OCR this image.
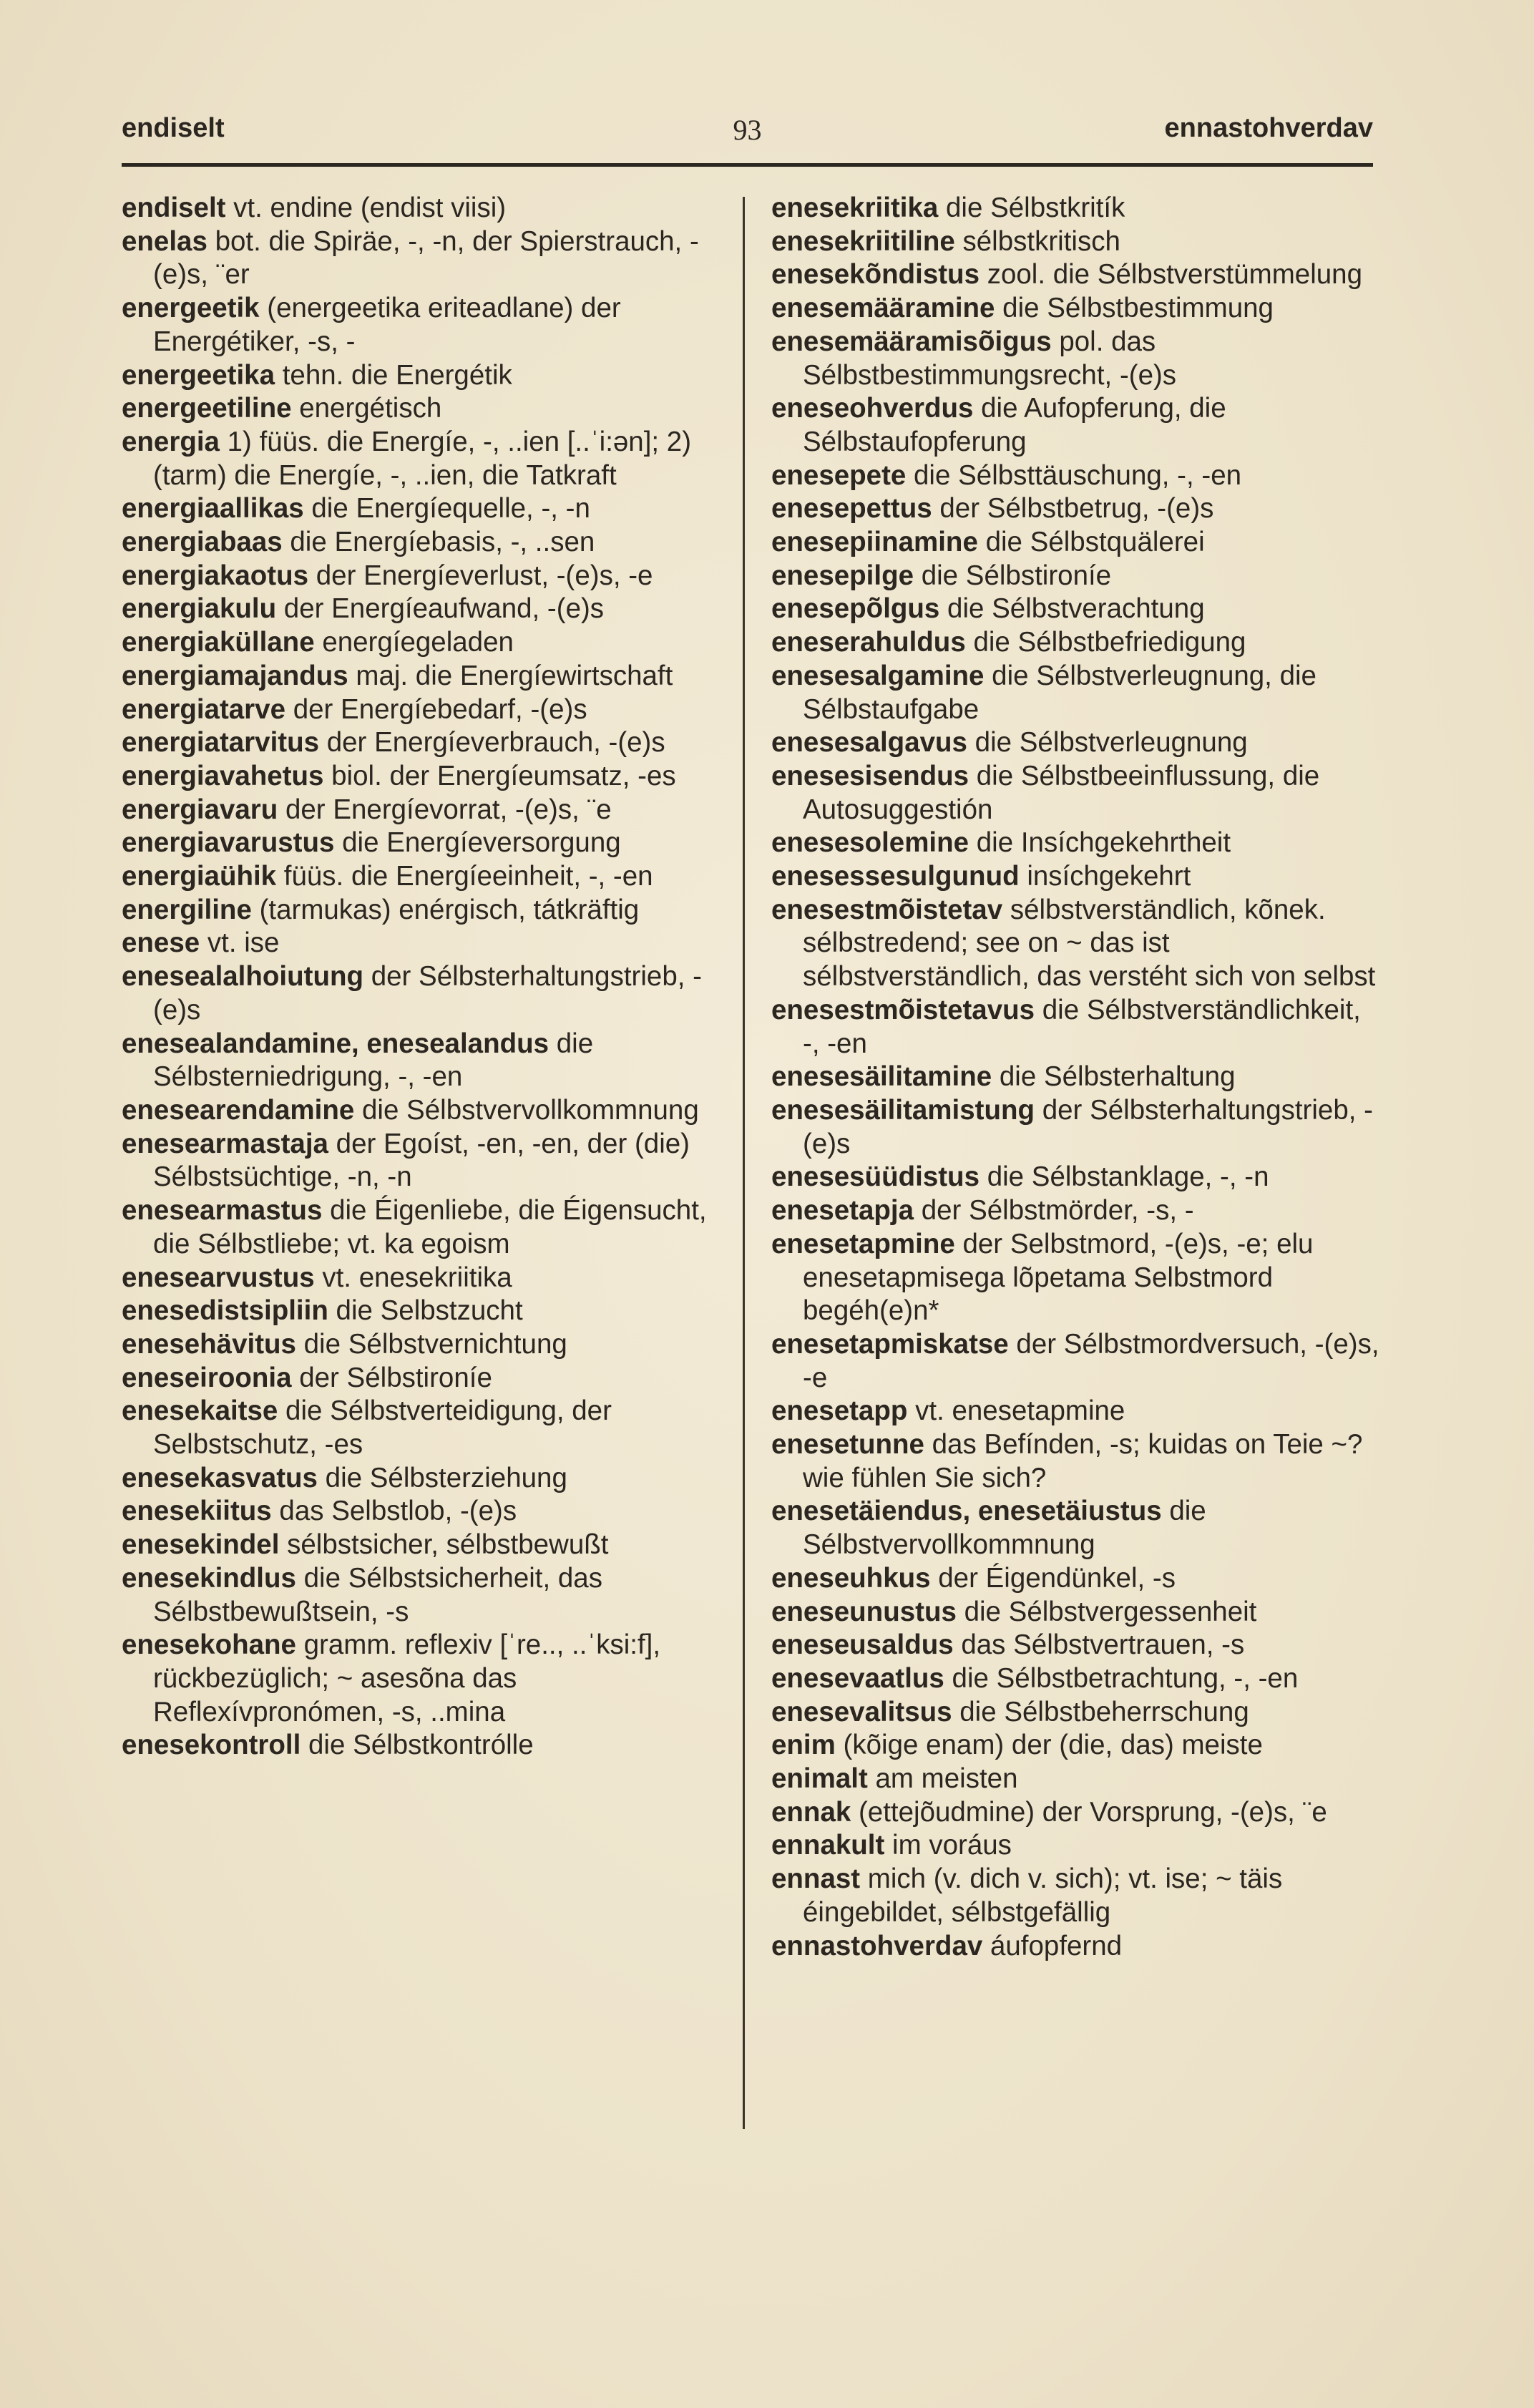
endiselt	93	ennastohverdav

endiselt vt. endine (endist viisi)

enelas bot. die Spiräe, -, -n, der Spierstrauch, -(e)s, ¨er

energeetik (energeetika eriteadlane) der Energétiker, -s, -

energeetika tehn. die Energétik

energeetiline energétisch

energia 1) füüs. die Energíe, -, ..ien [..ˈi:ən]; 2) (tarm) die Energíe, -, ..ien, die Tatkraft

energiaallikas die Energíequelle, -, -n

energiabaas die Energíebasis, -, ..sen

energiakaotus der Energíeverlust, -(e)s, -e

energiakulu der Energíeaufwand, -(e)s

energiaküllane energíegeladen

energiamajandus maj. die Energíewirtschaft

energiatarve der Energíebedarf, -(e)s

energiatarvitus der Energíeverbrauch, -(e)s

energiavahetus biol. der Energíeumsatz, -es

energiavaru der Energíevorrat, -(e)s, ¨e

energiavarustus die Energíeversorgung

energiaühik füüs. die Energíeeinheit, -, -en

energiline (tarmukas) enérgisch, tátkräftig

enese vt. ise

enesealalhoiutung der Sélbsterhaltungstrieb, -(e)s

enesealandamine, enesealandus die Sélbsterniedrigung, -, -en

enesearendamine die Sélbstvervollkommnung

enesearmastaja der Egoíst, -en, -en, der (die) Sélbstsüchtige, -n, -n

enesearmastus die Éigenliebe, die Éigensucht, die Sélbstliebe; vt. ka egoism

enesearvustus vt. enesekriitika

enesedistsipliin die Selbstzucht

enesehävitus die Sélbstvernichtung

eneseiroonia der Sélbstironíe

enesekaitse die Sélbstverteidigung, der Selbstschutz, -es

enesekasvatus die Sélbsterziehung

enesekiitus das Selbstlob, -(e)s

enesekindel sélbstsicher, sélbstbewußt

enesekindlus die Sélbstsicherheit, das Sélbstbewußtsein, -s

enesekohane gramm. reflexiv [ˈre.., ..ˈksi:f], rückbezüglich; ~ asesõna das Reflexívpronómen, -s, ..mina

enesekontroll die Sélbstkontrólle

enesekriitika die Sélbstkritík

enesekriitiline sélbstkritisch

enesekõndistus zool. die Sélbstverstümmelung

enesemääramine die Sélbstbestimmung

enesemääramisõigus pol. das Sélbstbestimmungsrecht, -(e)s

eneseohverdus die Aufopferung, die Sélbstaufopferung

enesepete die Sélbsttäuschung, -, -en

enesepettus der Sélbstbetrug, -(e)s

enesepiinamine die Sélbstquälerei

enesepilge die Sélbstironíe

enesepõlgus die Sélbstverachtung

eneserahuldus die Sélbstbefriedigung

enesesalgamine die Sélbstverleugnung, die Sélbstaufgabe

enesesalgavus die Sélbstverleugnung

enesesisendus die Sélbstbeeinflussung, die Autosuggestión

enesesolemine die Insíchgekehrtheit

enesessesulgunud insíchgekehrt

enesestmõistetav sélbstverständlich, kõnek. sélbstredend; see on ~ das ist sélbstverständlich, das verstéht sich von selbst

enesestmõistetavus die Sélbstverständlichkeit, -, -en

enesesäilitamine die Sélbsterhaltung

enesesäilitamistung der Sélbsterhaltungstrieb, -(e)s

enesesüüdistus die Sélbstanklage, -, -n

enesetapja der Sélbstmörder, -s, -

enesetapmine der Selbstmord, -(e)s, -e; elu enesetapmisega lõpetama Selbstmord begéh(e)n*

enesetapmiskatse der Sélbstmordversuch, -(e)s, -e

enesetapp vt. enesetapmine

enesetunne das Befínden, -s; kuidas on Teie ~? wie fühlen Sie sich?

enesetäiendus, enesetäiustus die Sélbstvervollkommnung

eneseuhkus der Éigendünkel, -s

eneseunustus die Sélbstvergessenheit

eneseusaldus das Sélbstvertrauen, -s

enesevaatlus die Sélbstbetrachtung, -, -en

enesevalitsus die Sélbstbeherrschung

enim (kõige enam) der (die, das) meiste

enimalt am meisten

ennak (ettejõudmine) der Vorsprung, -(e)s, ¨e

ennakult im voráus

ennast mich (v. dich v. sich); vt. ise; ~ täis éingebildet, sélbstgefällig

ennastohverdav áufopfernd
